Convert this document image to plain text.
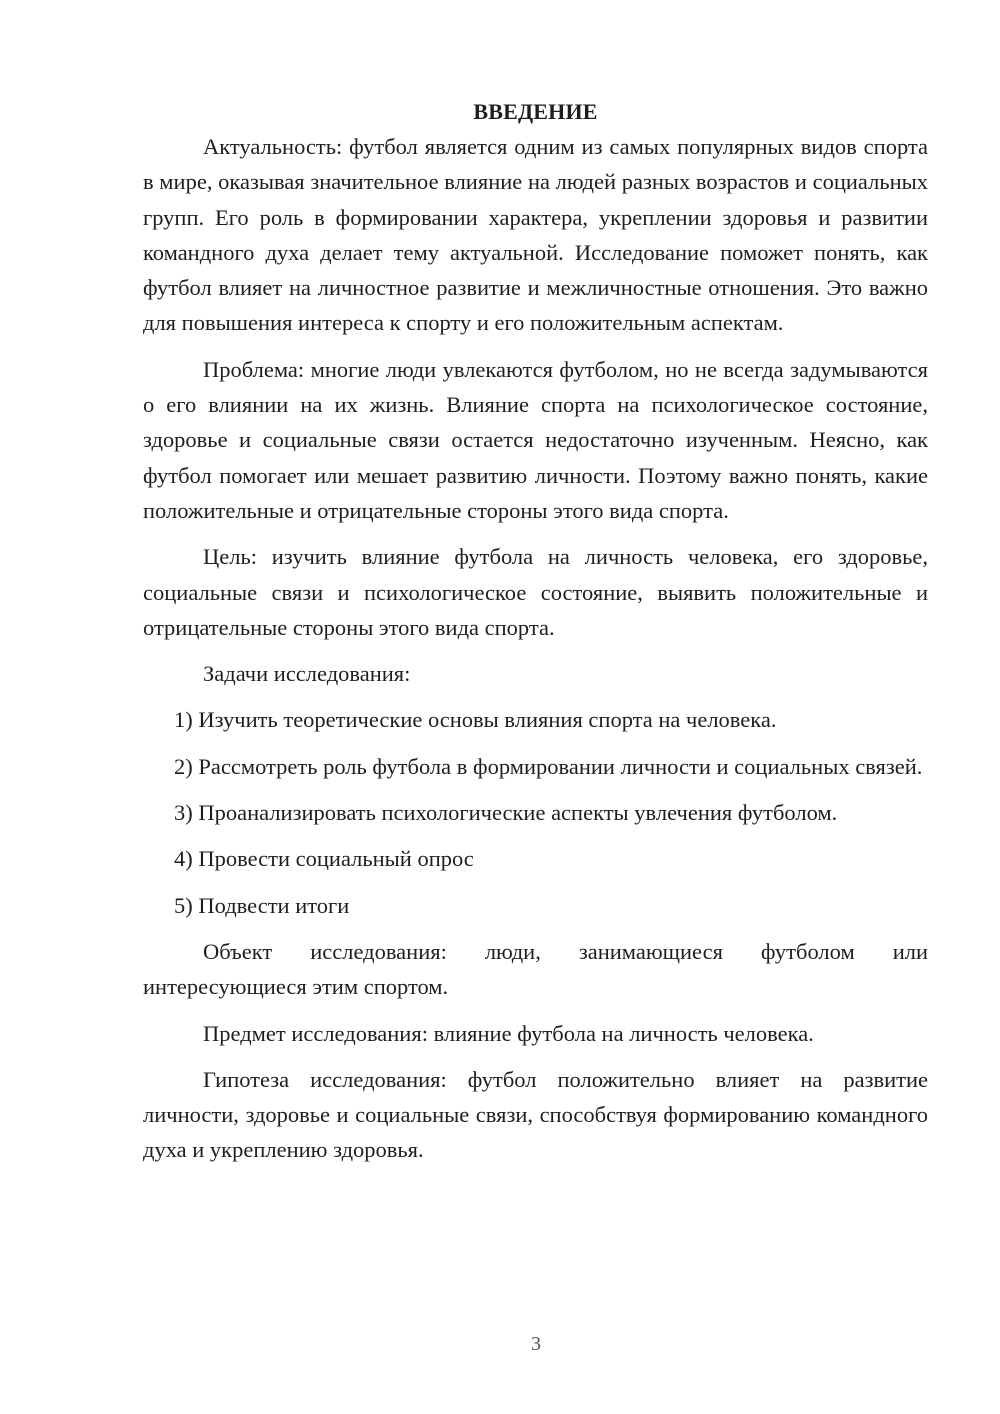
ВВЕДЕНИЕ

Актуальность: футбол является одним из самых популярных видов спорта в мире, оказывая значительное влияние на людей разных возрастов и социальных групп. Его роль в формировании характера, укреплении здоровья и развитии командного духа делает тему актуальной. Исследование поможет понять, как футбол влияет на личностное развитие и межличностные отношения. Это важно для повышения интереса к спорту и его положительным аспектам.

Проблема: многие люди увлекаются футболом, но не всегда задумываются о его влиянии на их жизнь. Влияние спорта на психологическое состояние, здоровье и социальные связи остается недостаточно изученным. Неясно, как футбол помогает или мешает развитию личности. Поэтому важно понять, какие положительные и отрицательные стороны этого вида спорта.

Цель: изучить влияние футбола на личность человека, его здоровье, социальные связи и психологическое состояние, выявить положительные и отрицательные стороны этого вида спорта.

Задачи исследования:

1) Изучить теоретические основы влияния спорта на человека.

2) Рассмотреть роль футбола в формировании личности и социальных связей.

3) Проанализировать психологические аспекты увлечения футболом.

4) Провести социальный опрос

5) Подвести итоги

Объект исследования: люди, занимающиеся футболом или интересующиеся этим спортом.

Предмет исследования: влияние футбола на личность человека.

Гипотеза исследования: футбол положительно влияет на развитие личности, здоровье и социальные связи, способствуя формированию командного духа и укреплению здоровья.

3
